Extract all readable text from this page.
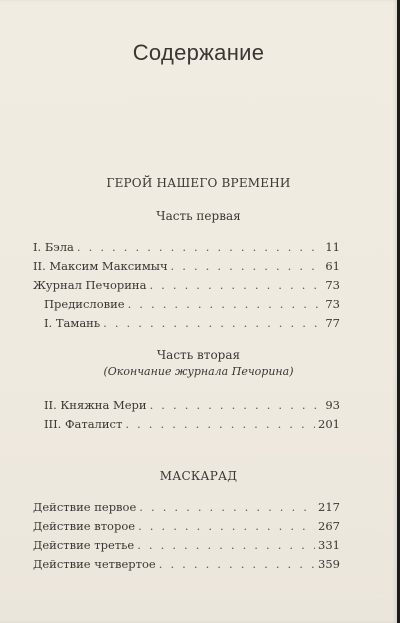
Содержание
ГЕРОЙ НАШЕГО ВРЕМЕНИ
Часть первая
I. Бэла . . .	11
II. Максим Максимыч . . .	61
Журнал Печорина . . .	73
Предисловие . . .	73
I. Тамань . . .	77
Часть вторая
(Окончание журнала Печорина)
II. Княжна Мери . . .	93
III. Фаталист . . .	201
МАСКАРАД
Действие первое . . .	217
Действие второе . . .	267
Действие третье . . .	331
Действие четвертое . . .	359
